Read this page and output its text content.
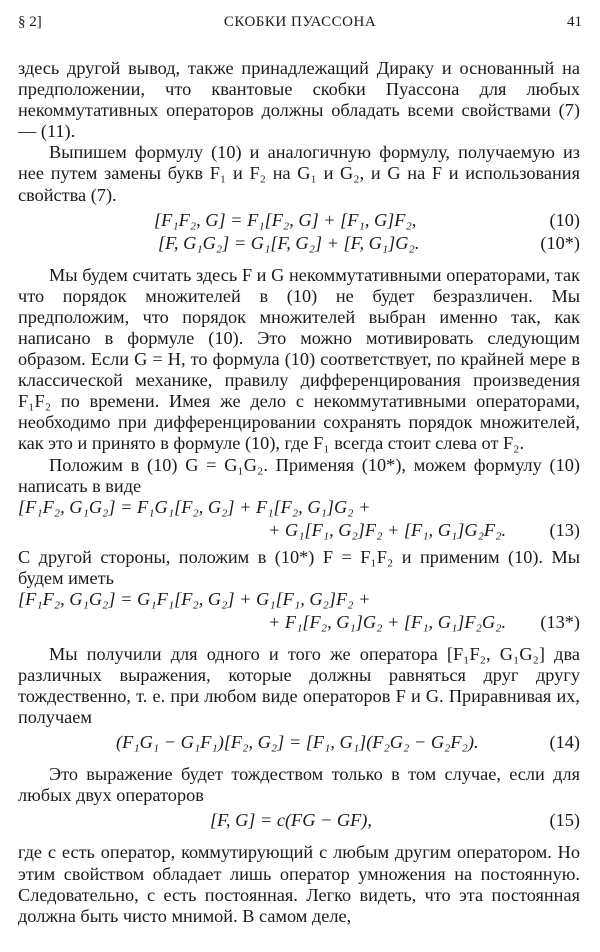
§ 2]	СКОБКИ ПУАССОНА	41

здесь другой вывод, также принадлежащий Дираку и основанный на предположении, что квантовые скобки Пуассона для любых некоммутативных операторов должны обладать всеми свойствами (7) — (11).

Выпишем формулу (10) и аналогичную формулу, получаемую из нее путем замены букв F₁ и F₂ на G₁ и G₂, и G на F и использования свойства (7).

[F₁F₂, G] = F₁[F₂, G] + [F₁, G]F₂,	(10)
[F, G₁G₂] = G₁[F, G₂] + [F, G₁]G₂.	(10*)

Мы будем считать здесь F и G некоммутативными операторами, так что порядок множителей в (10) не будет безразличен. Мы предположим, что порядок множителей выбран именно так, как написано в формуле (10). Это можно мотивировать следующим образом. Если G = H, то формула (10) соответствует, по крайней мере в классической механике, правилу дифференцирования произведения F₁F₂ по времени. Имея же дело с некоммутативными операторами, необходимо при дифференцировании сохранять порядок множителей, как это и принято в формуле (10), где F₁ всегда стоит слева от F₂.

Положим в (10) G = G₁G₂. Применяя (10*), можем формулу (10) написать в виде

[F₁F₂, G₁G₂] = F₁G₁[F₂, G₂] + F₁[F₂, G₁]G₂ +
+ G₁[F₁, G₂]F₂ + [F₁, G₁]G₂F₂. (13)

С другой стороны, положим в (10*) F = F₁F₂ и применим (10). Мы будем иметь

[F₁F₂, G₁G₂] = G₁F₁[F₂, G₂] + G₁[F₁, G₂]F₂ +
+ F₁[F₂, G₁]G₂ + [F₁, G₁]F₂G₂. (13*)

Мы получили для одного и того же оператора [F₁F₂, G₁G₂] два различных выражения, которые должны равняться друг другу тождественно, т. е. при любом виде операторов F и G. Приравнивая их, получаем

(F₁G₁ − G₁F₁)[F₂, G₂] = [F₁, G₁](F₂G₂ − G₂F₂).	(14)

Это выражение будет тождеством только в том случае, если для любых двух операторов

[F, G] = c(FG − GF),	(15)

где c есть оператор, коммутирующий с любым другим оператором. Но этим свойством обладает лишь оператор умножения на постоянную. Следовательно, c есть постоянная. Легко видеть, что эта постоянная должна быть чисто мнимой. В самом деле,
